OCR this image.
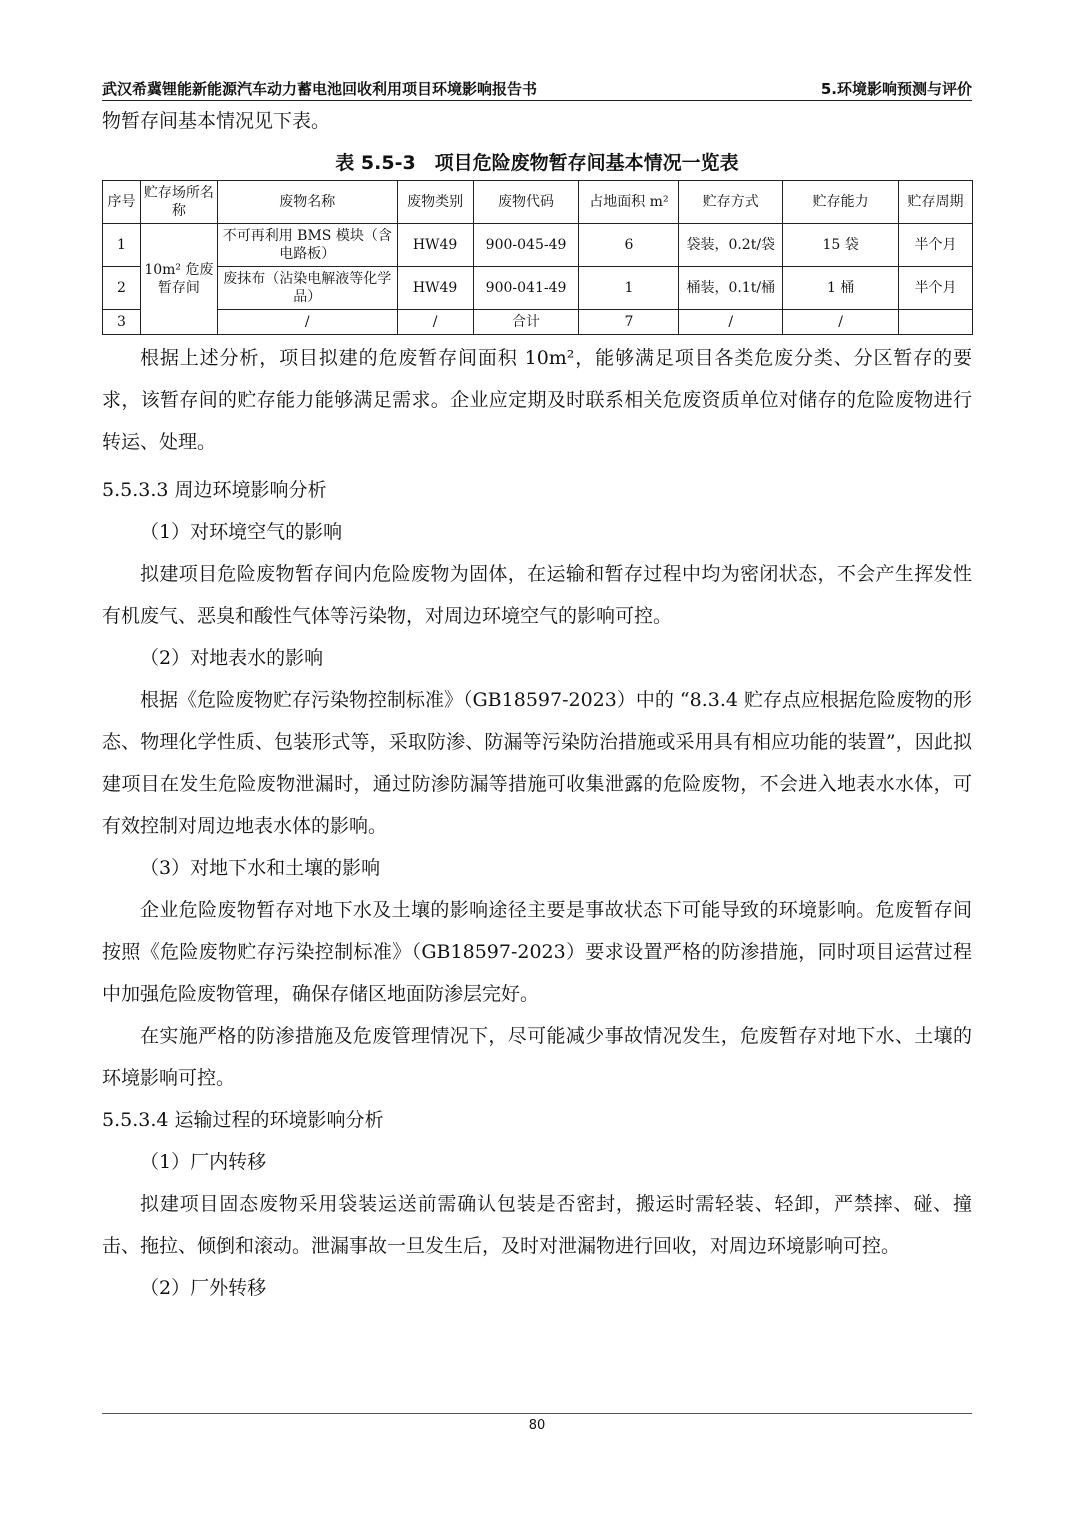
武汉希冀锂能新能源汽车动力蓄电池回收利用项目环境影响报告书	5.环境影响预测与评价

物暂存间基本情况见下表。

表 5.5-3　项目危险废物暂存间基本情况一览表
序号	贮存场所名称	废物名称	废物类别	废物代码	占地面积 m²	贮存方式	贮存能力	贮存周期
1	10m² 危废暂存间	不可再利用 BMS 模块（含电路板）	HW49	900-045-49	6	袋装，0.2t/袋	15 袋	半个月
2		废抹布（沾染电解液等化学品）	HW49	900-041-49	1	桶装，0.1t/桶	1 桶	半个月
3		/	/	合计	7	/	/	

根据上述分析，项目拟建的危废暂存间面积 10m²，能够满足项目各类危废分类、分区暂存的要求，该暂存间的贮存能力能够满足需求。企业应定期及时联系相关危废资质单位对储存的危险废物进行转运、处理。

5.5.3.3 周边环境影响分析

（1）对环境空气的影响

拟建项目危险废物暂存间内危险废物为固体，在运输和暂存过程中均为密闭状态，不会产生挥发性有机废气、恶臭和酸性气体等污染物，对周边环境空气的影响可控。

（2）对地表水的影响

根据《危险废物贮存污染物控制标准》（GB18597-2023）中的 “8.3.4 贮存点应根据危险废物的形态、物理化学性质、包装形式等，采取防渗、防漏等污染防治措施或采用具有相应功能的装置”，因此拟建项目在发生危险废物泄漏时，通过防渗防漏等措施可收集泄露的危险废物，不会进入地表水水体，可有效控制对周边地表水体的影响。

（3）对地下水和土壤的影响

企业危险废物暂存对地下水及土壤的影响途径主要是事故状态下可能导致的环境影响。危废暂存间按照《危险废物贮存污染控制标准》（GB18597-2023）要求设置严格的防渗措施，同时项目运营过程中加强危险废物管理，确保存储区地面防渗层完好。

在实施严格的防渗措施及危废管理情况下，尽可能减少事故情况发生，危废暂存对地下水、土壤的环境影响可控。

5.5.3.4 运输过程的环境影响分析

（1）厂内转移

拟建项目固态废物采用袋装运送前需确认包装是否密封，搬运时需轻装、轻卸，严禁摔、碰、撞击、拖拉、倾倒和滚动。泄漏事故一旦发生后，及时对泄漏物进行回收，对周边环境影响可控。

（2）厂外转移

80
